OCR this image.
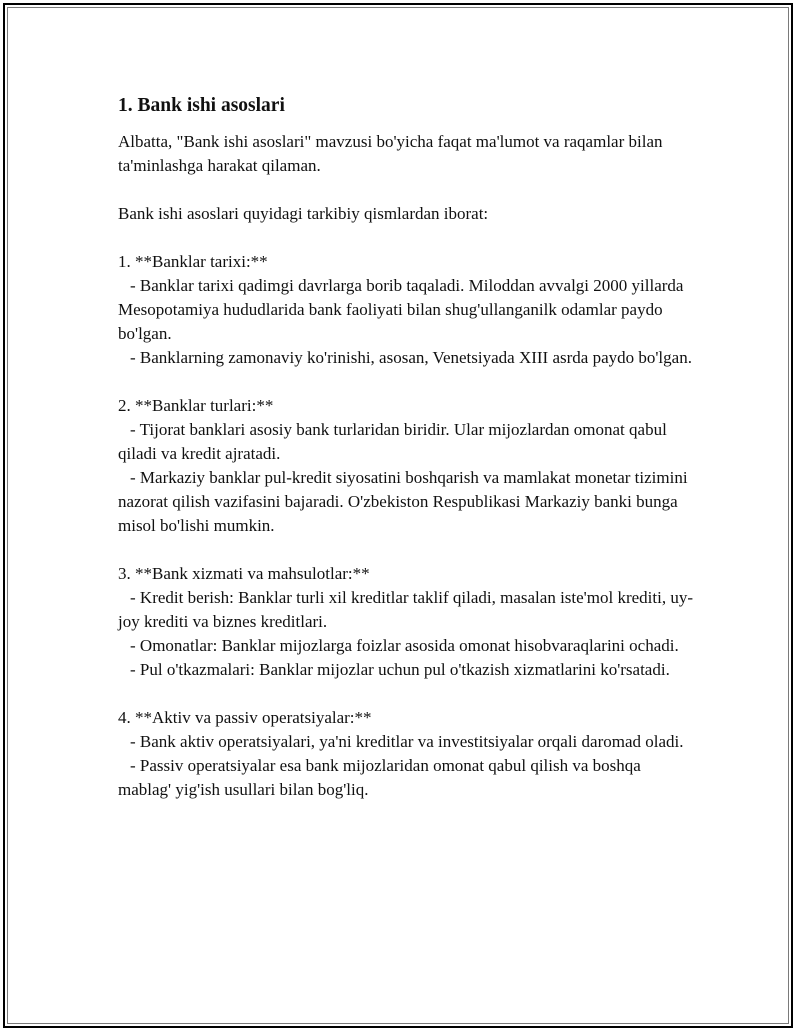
1. Bank ishi asoslari

Albatta, "Bank ishi asoslari" mavzusi bo'yicha faqat ma'lumot va raqamlar bilan ta'minlashga harakat qilaman.

Bank ishi asoslari quyidagi tarkibiy qismlardan iborat:

1. **Banklar tarixi:**

- Banklar tarixi qadimgi davrlarga borib taqaladi. Miloddan avvalgi 2000 yillarda Mesopotamiya hududlarida bank faoliyati bilan shug'ullanganilk odamlar paydo bo'lgan.

- Banklarning zamonaviy ko'rinishi, asosan, Venetsiyada XIII asrda paydo bo'lgan.

2. **Banklar turlari:**

- Tijorat banklari asosiy bank turlaridan biridir. Ular mijozlardan omonat qabul qiladi va kredit ajratadi.

- Markaziy banklar pul-kredit siyosatini boshqarish va mamlakat monetar tizimini nazorat qilish vazifasini bajaradi. O'zbekiston Respublikasi Markaziy banki bunga misol bo'lishi mumkin.

3. **Bank xizmati va mahsulotlar:**

- Kredit berish: Banklar turli xil kreditlar taklif qiladi, masalan iste'mol krediti, uy-joy krediti va biznes kreditlari.

- Omonatlar: Banklar mijozlarga foizlar asosida omonat hisobvaraqlarini ochadi.

- Pul o'tkazmalari: Banklar mijozlar uchun pul o'tkazish xizmatlarini ko'rsatadi.

4. **Aktiv va passiv operatsiyalar:**

- Bank aktiv operatsiyalari, ya'ni kreditlar va investitsiyalar orqali daromad oladi.

- Passiv operatsiyalar esa bank mijozlaridan omonat qabul qilish va boshqa mablag' yig'ish usullari bilan bog'liq.
